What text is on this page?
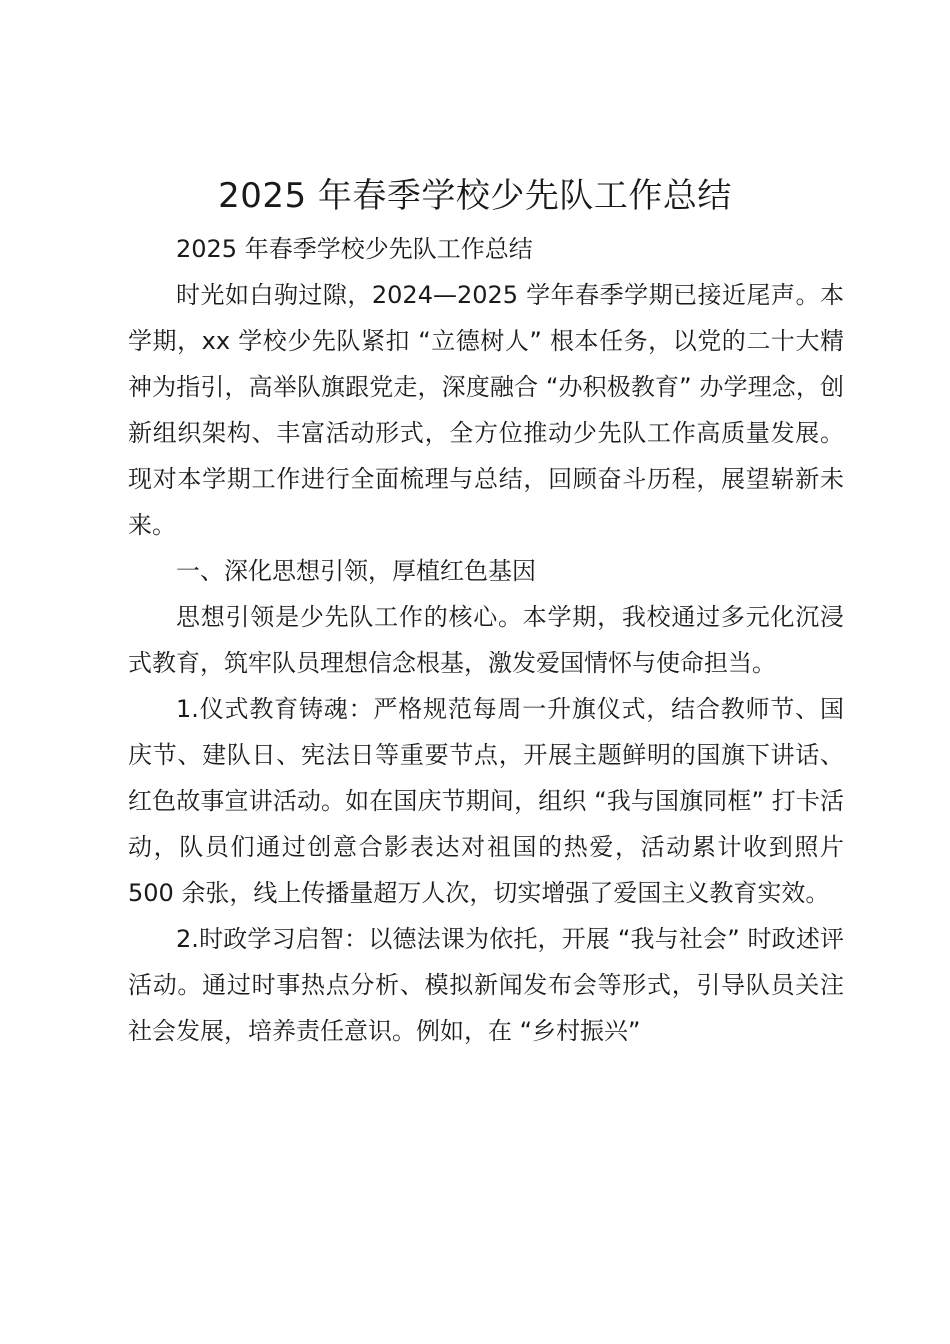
2025 年春季学校少先队工作总结

2025 年春季学校少先队工作总结

时光如白驹过隙，2024—2025 学年春季学期已接近尾声。本学期，xx 学校少先队紧扣 “立德树人” 根本任务，以党的二十大精神为指引，高举队旗跟党走，深度融合 “办积极教育” 办学理念，创新组织架构、丰富活动形式，全方位推动少先队工作高质量发展。现对本学期工作进行全面梳理与总结，回顾奋斗历程，展望崭新未来。

一、深化思想引领，厚植红色基因

思想引领是少先队工作的核心。本学期，我校通过多元化沉浸式教育，筑牢队员理想信念根基，激发爱国情怀与使命担当。

1.仪式教育铸魂：严格规范每周一升旗仪式，结合教师节、国庆节、建队日、宪法日等重要节点，开展主题鲜明的国旗下讲话、红色故事宣讲活动。如在国庆节期间，组织 “我与国旗同框” 打卡活动，队员们通过创意合影表达对祖国的热爱，活动累计收到照片 500 余张，线上传播量超万人次，切实增强了爱国主义教育实效。

2.时政学习启智：以德法课为依托，开展 “我与社会” 时政述评活动。通过时事热点分析、模拟新闻发布会等形式，引导队员关注社会发展，培养责任意识。例如，在 “乡村振兴”
